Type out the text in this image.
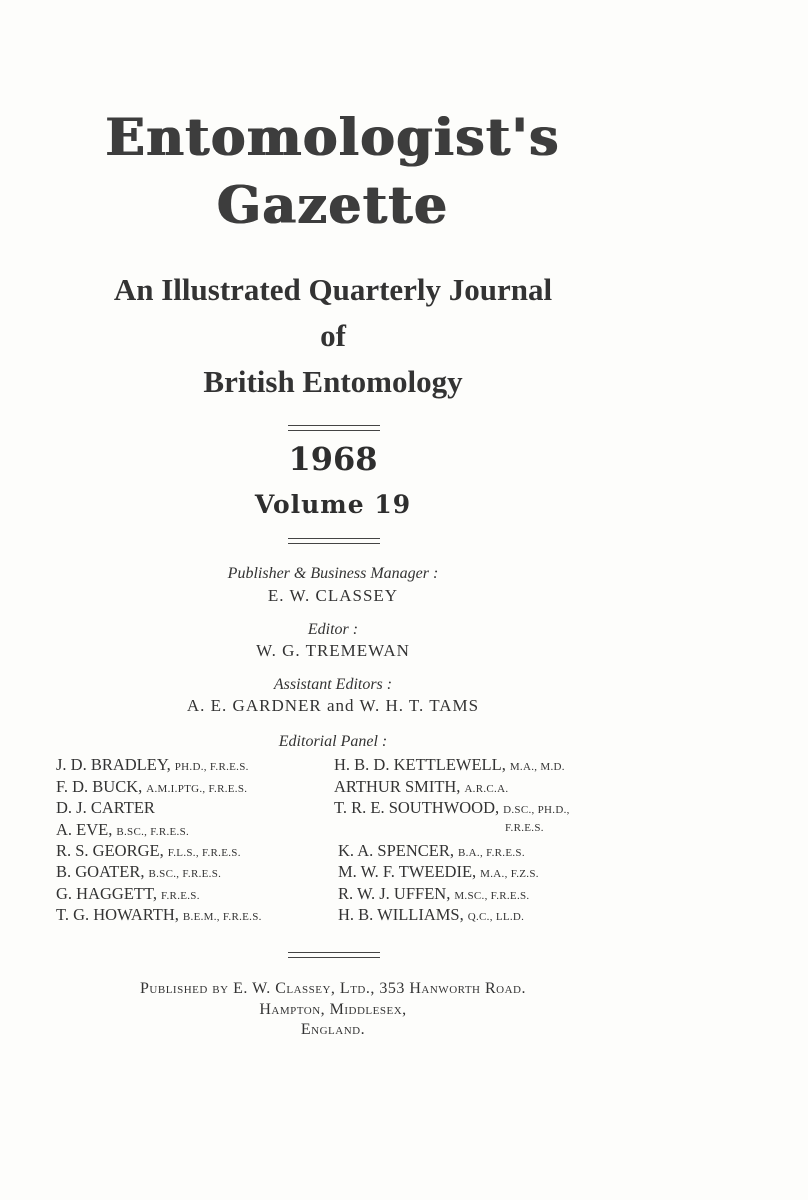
Entomologist's
Gazette
An Illustrated Quarterly Journal
of
British Entomology
1968
Volume 19
Publisher & Business Manager :
E. W. CLASSEY
Editor :
W. G. TREMEWAN
Assistant Editors :
A. E. GARDNER and W. H. T. TAMS
Editorial Panel :
J. D. BRADLEY, PH.D., F.R.E.S.
F. D. BUCK, A.M.I.PTG., F.R.E.S.
D. J. CARTER
A. EVE, B.SC., F.R.E.S.
R. S. GEORGE, F.L.S., F.R.E.S.
B. GOATER, B.SC., F.R.E.S.
G. HAGGETT, F.R.E.S.
T. G. HOWARTH, B.E.M., F.R.E.S.
H. B. D. KETTLEWELL, M.A., M.D.
ARTHUR SMITH, A.R.C.A.
T. R. E. SOUTHWOOD, D.SC., PH.D.,
F.R.E.S.
K. A. SPENCER, B.A., F.R.E.S.
M. W. F. TWEEDIE, M.A., F.Z.S.
R. W. J. UFFEN, M.SC., F.R.E.S.
H. B. WILLIAMS, Q.C., LL.D.
Published by E. W. Classey, Ltd., 353 Hanworth Road.
Hampton, Middlesex,
England.
